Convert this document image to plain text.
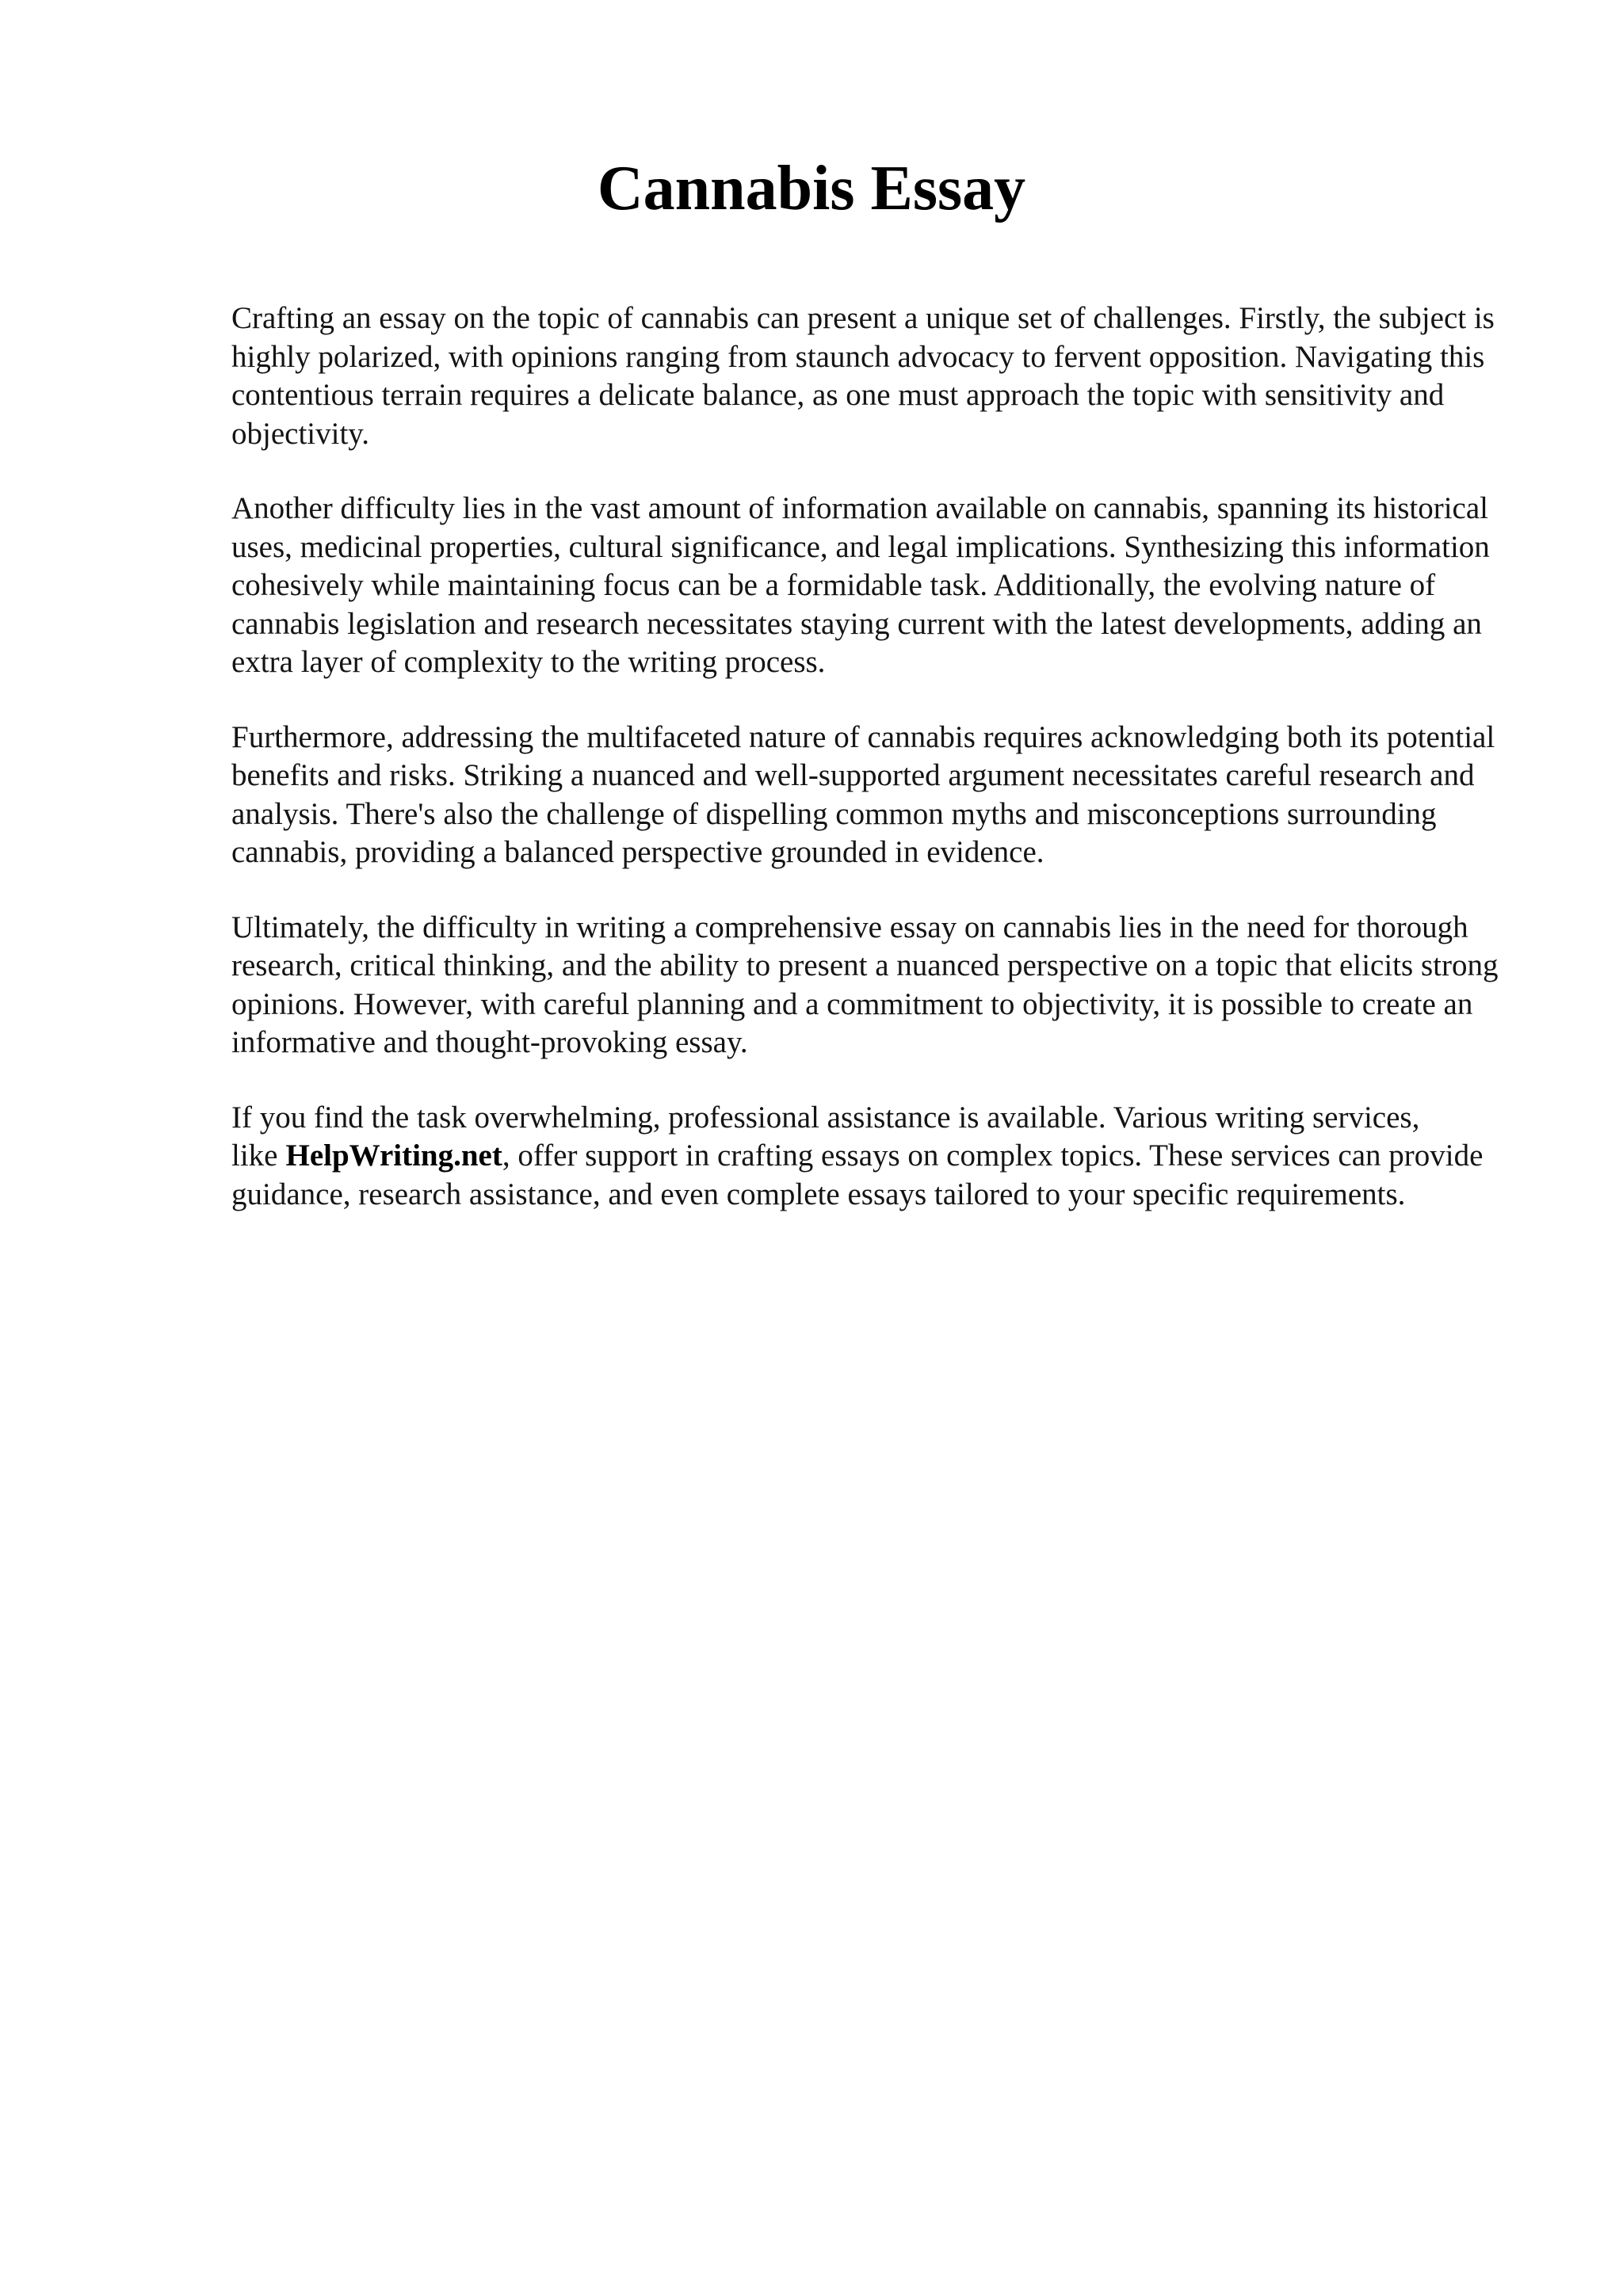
Cannabis Essay

Crafting an essay on the topic of cannabis can present a unique set of challenges. Firstly, the subject is highly polarized, with opinions ranging from staunch advocacy to fervent opposition. Navigating this contentious terrain requires a delicate balance, as one must approach the topic with sensitivity and objectivity.

Another difficulty lies in the vast amount of information available on cannabis, spanning its historical uses, medicinal properties, cultural significance, and legal implications. Synthesizing this information cohesively while maintaining focus can be a formidable task. Additionally, the evolving nature of cannabis legislation and research necessitates staying current with the latest developments, adding an extra layer of complexity to the writing process.

Furthermore, addressing the multifaceted nature of cannabis requires acknowledging both its potential benefits and risks. Striking a nuanced and well-supported argument necessitates careful research and analysis. There's also the challenge of dispelling common myths and misconceptions surrounding cannabis, providing a balanced perspective grounded in evidence.

Ultimately, the difficulty in writing a comprehensive essay on cannabis lies in the need for thorough research, critical thinking, and the ability to present a nuanced perspective on a topic that elicits strong opinions. However, with careful planning and a commitment to objectivity, it is possible to create an informative and thought-provoking essay.

If you find the task overwhelming, professional assistance is available. Various writing services, like HelpWriting.net, offer support in crafting essays on complex topics. These services can provide guidance, research assistance, and even complete essays tailored to your specific requirements.
